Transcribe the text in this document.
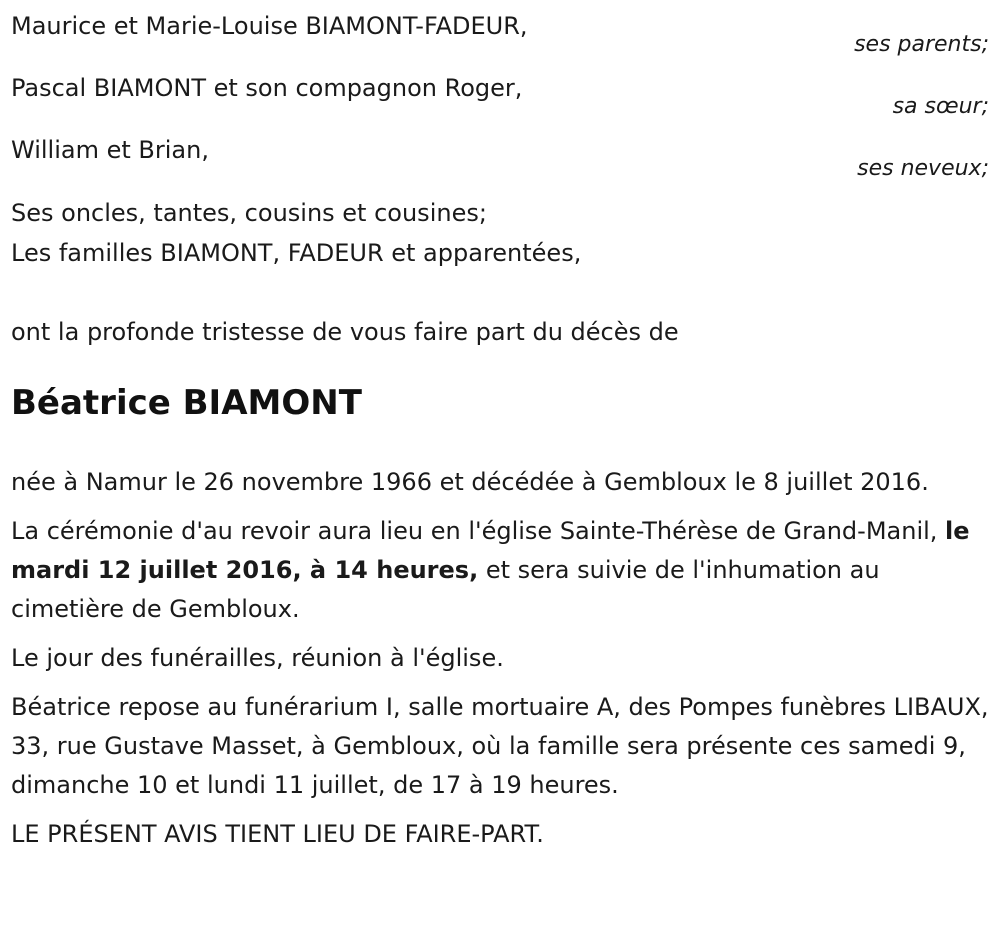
Maurice et Marie-Louise BIAMONT-FADEUR,

ses parents;

Pascal BIAMONT et son compagnon Roger,

sa sœur;

William et Brian,

ses neveux;

Ses oncles, tantes, cousins et cousines;

Les familles BIAMONT, FADEUR et apparentées,

ont la profonde tristesse de vous faire part du décès de

Béatrice BIAMONT

née à Namur le 26 novembre 1966 et décédée à Gembloux le 8 juillet 2016.

La cérémonie d'au revoir aura lieu en l'église Sainte-Thérèse de Grand-Manil, le mardi 12 juillet 2016, à 14 heures, et sera suivie de l'inhumation au cimetière de Gembloux.

Le jour des funérailles, réunion à l'église.

Béatrice repose au funérarium I, salle mortuaire A, des Pompes funèbres LIBAUX, 33, rue Gustave Masset, à Gembloux, où la famille sera présente ces samedi 9, dimanche 10 et lundi 11 juillet, de 17 à 19 heures.

LE PRÉSENT AVIS TIENT LIEU DE FAIRE-PART.
